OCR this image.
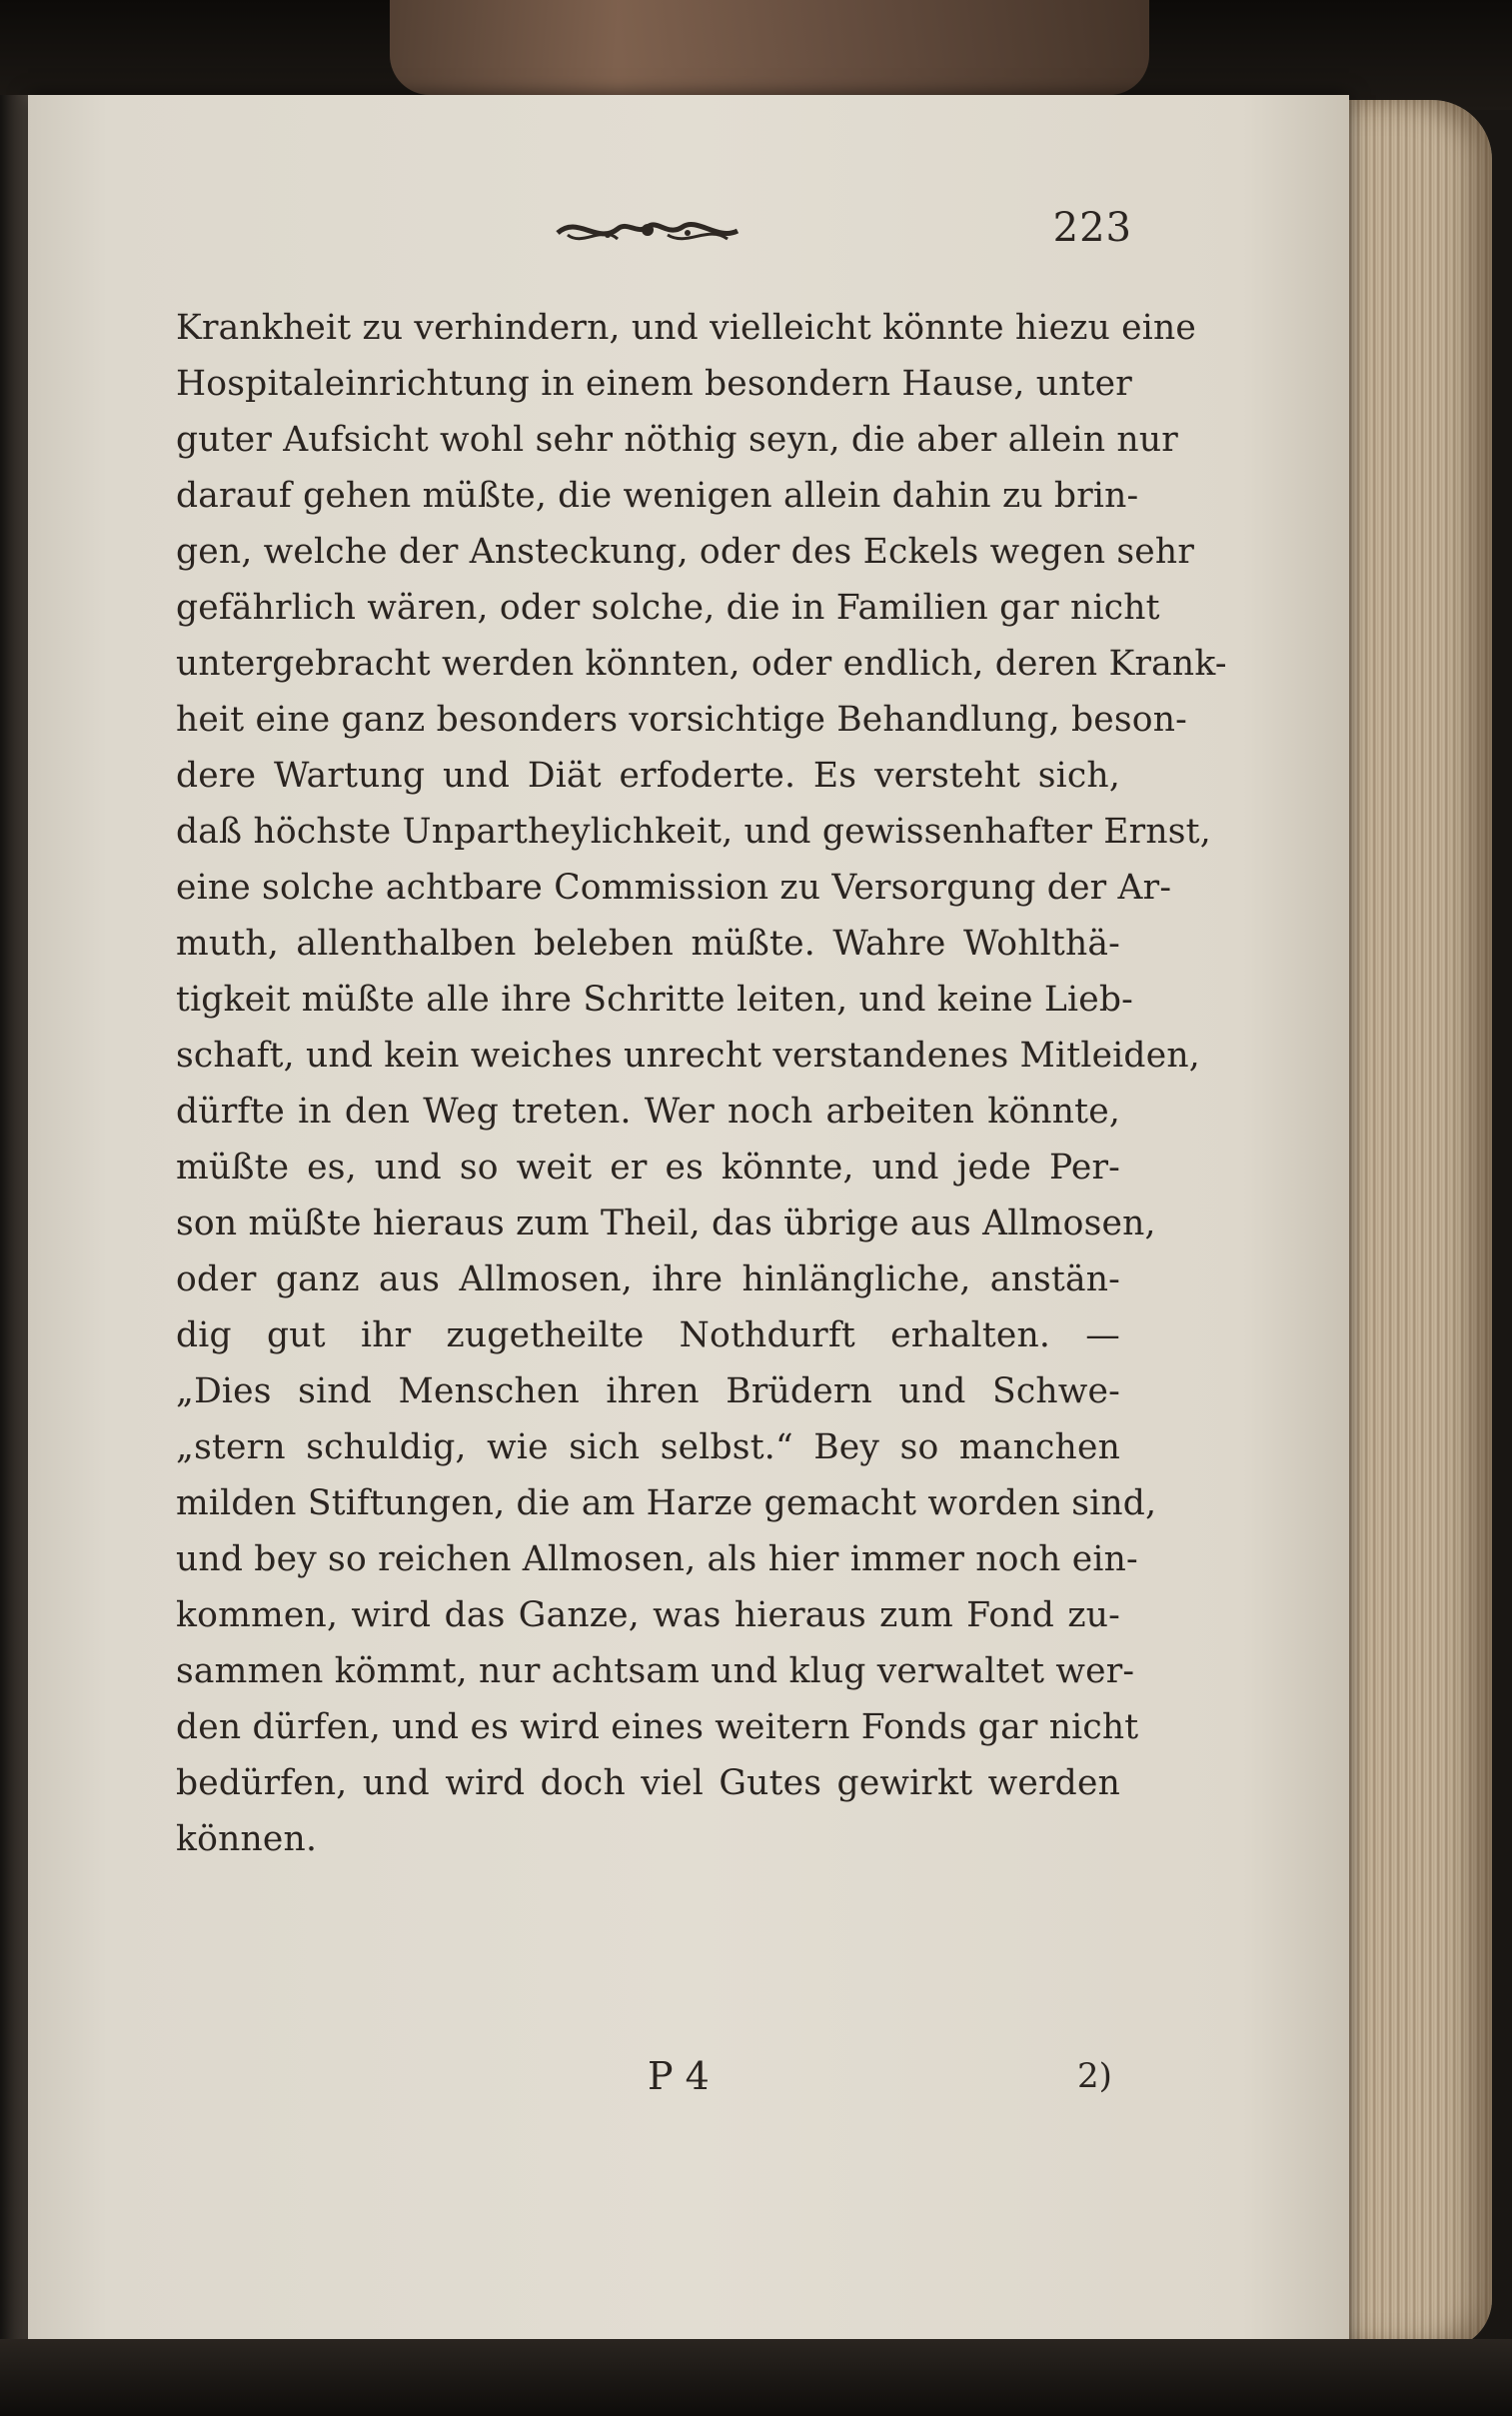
223
Krankheit zu verhindern, und vielleicht könnte hiezu eine
Hospitaleinrichtung in einem besondern Hause, unter
guter Aufsicht wohl sehr nöthig seyn, die aber allein nur
darauf gehen müßte, die wenigen allein dahin zu brin-
gen, welche der Ansteckung, oder des Eckels wegen sehr
gefährlich wären, oder solche, die in Familien gar nicht
untergebracht werden könnten, oder endlich, deren Krank-
heit eine ganz besonders vorsichtige Behandlung, beson-
dere Wartung und Diät erfoderte. Es versteht sich,
daß höchste Unpartheylichkeit, und gewissenhafter Ernst,
eine solche achtbare Commission zu Versorgung der Ar-
muth, allenthalben beleben müßte. Wahre Wohlthä-
tigkeit müßte alle ihre Schritte leiten, und keine Lieb-
schaft, und kein weiches unrecht verstandenes Mitleiden,
dürfte in den Weg treten. Wer noch arbeiten könnte,
müßte es, und so weit er es könnte, und jede Per-
son müßte hieraus zum Theil, das übrige aus Allmosen,
oder ganz aus Allmosen, ihre hinlängliche, anstän-
dig gut ihr zugetheilte Nothdurft erhalten. —
„Dies sind Menschen ihren Brüdern und Schwe-
„stern schuldig, wie sich selbst.“ Bey so manchen
milden Stiftungen, die am Harze gemacht worden sind,
und bey so reichen Allmosen, als hier immer noch ein-
kommen, wird das Ganze, was hieraus zum Fond zu-
sammen kömmt, nur achtsam und klug verwaltet wer-
den dürfen, und es wird eines weitern Fonds gar nicht
bedürfen, und wird doch viel Gutes gewirkt werden
können.
P 4	2)
